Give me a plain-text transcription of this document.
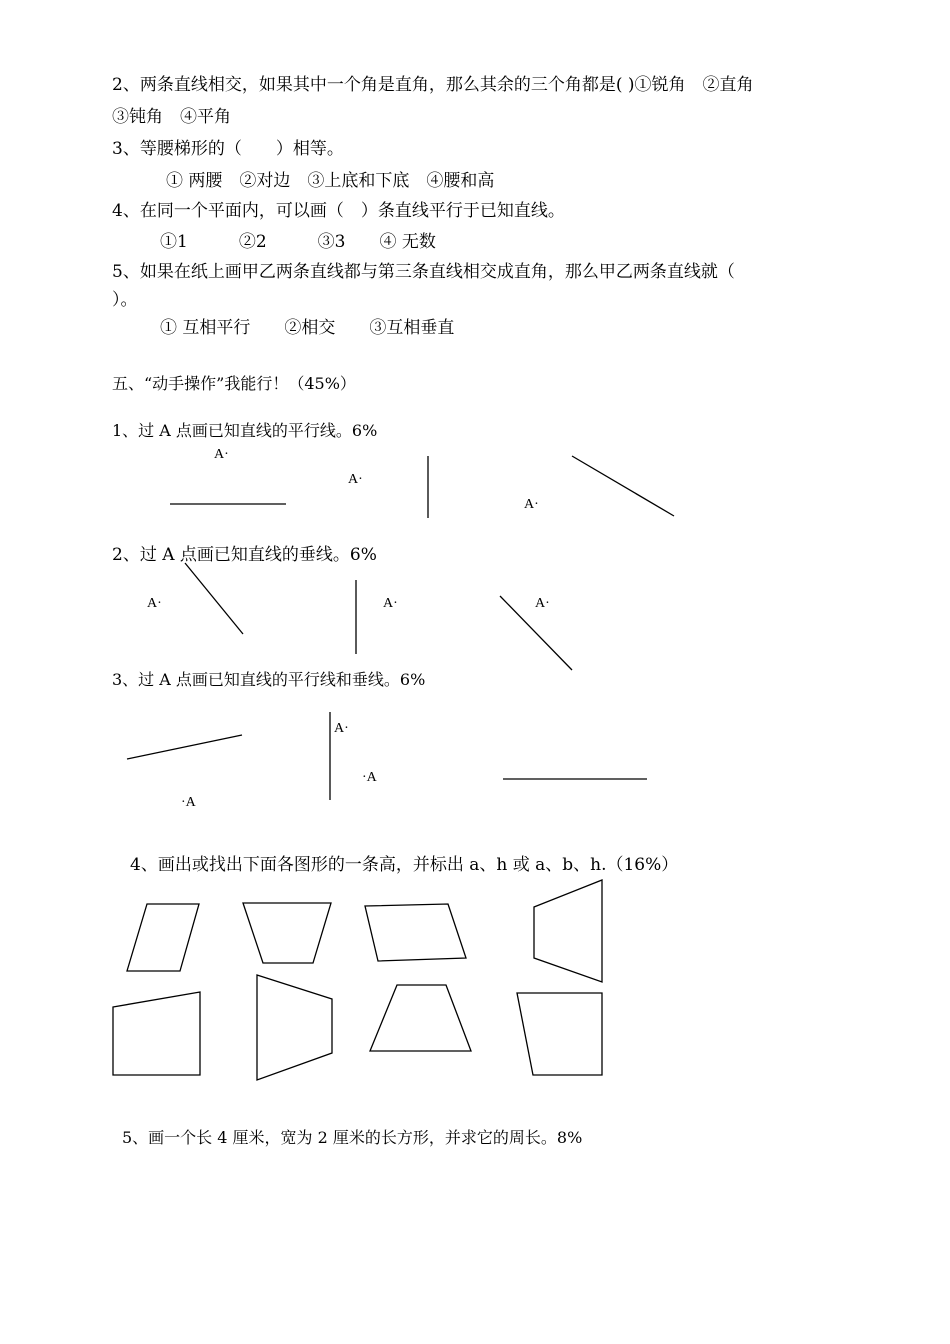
2、两条直线相交，如果其中一个角是直角，那么其余的三个角都是( )①锐角　②直角
③钝角　④平角
3、等腰梯形的（　　）相等。
① 两腰　②对边　③上底和下底　④腰和高
4、在同一个平面内，可以画（　）条直线平行于已知直线。
①1　　　②2　　　③3　　④ 无数
5、如果在纸上画甲乙两条直线都与第三条直线相交成直角，那么甲乙两条直线就（
）。
① 互相平行　　②相交　　③互相垂直
五、“动手操作”我能行！（45%）
1、过 A 点画已知直线的平行线。6%
A·
A·
A·
2、过 A 点画已知直线的垂线。6%
A·	A·	A·
3、过 A 点画已知直线的平行线和垂线。6%
A·
·A
·A
4、画出或找出下面各图形的一条高，并标出 a、h 或 a、b、h.（16%）
5、画一个长 4 厘米，宽为 2 厘米的长方形，并求它的周长。8%
